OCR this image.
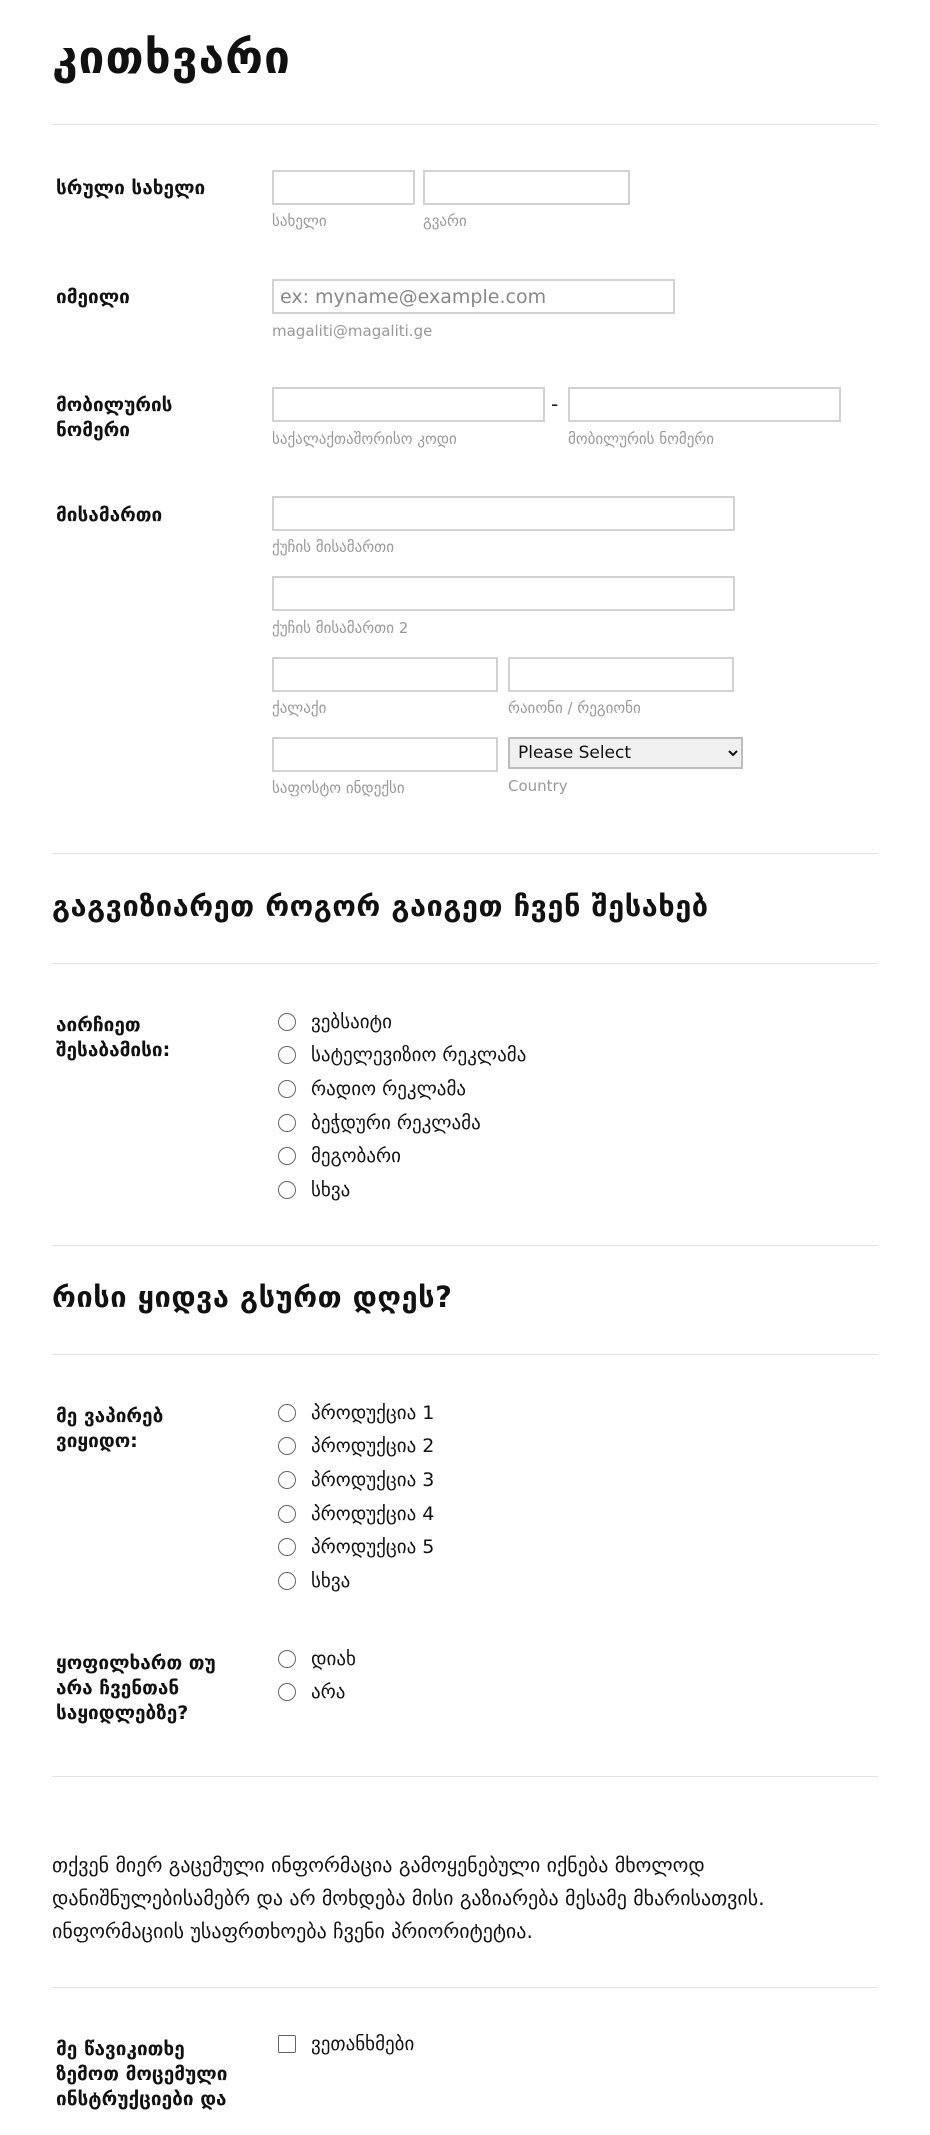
კითხვარი
სრული სახელი
სახელი	გვარი
იმეილი
ex: myname@example.com
magaliti@magaliti.ge
მობილურის ნომერი
-
საქალაქთაშორისო კოდი	მობილურის ნომერი
მისამართი
ქუჩის მისამართი
ქუჩის მისამართი 2
ქალაქი	რაიონი / რეგიონი
Please Select
საფოსტო ინდექსი	Country
გაგვიზიარეთ როგორ გაიგეთ ჩვენ შესახებ
აირჩიეთ შესაბამისი:
ვებსაიტი
სატელევიზიო რეკლამა
რადიო რეკლამა
ბეჭდური რეკლამა
მეგობარი
სხვა
რისი ყიდვა გსურთ დღეს?
მე ვაპირებ ვიყიდო:
პროდუქცია 1
პროდუქცია 2
პროდუქცია 3
პროდუქცია 4
პროდუქცია 5
სხვა
ყოფილხართ თუ არა ჩვენთან საყიდლებზე?
დიახ
არა

თქვენ მიერ გაცემული ინფორმაცია გამოყენებული იქნება მხოლოდ დანიშნულებისამებრ და არ მოხდება მისი გაზიარება მესამე მხარისათვის. ინფორმაციის უსაფრთხოება ჩვენი პრიორიტეტია.

მე წავიკითხე ზემოთ მოცემული ინსტრუქციები და
ვეთანხმები
